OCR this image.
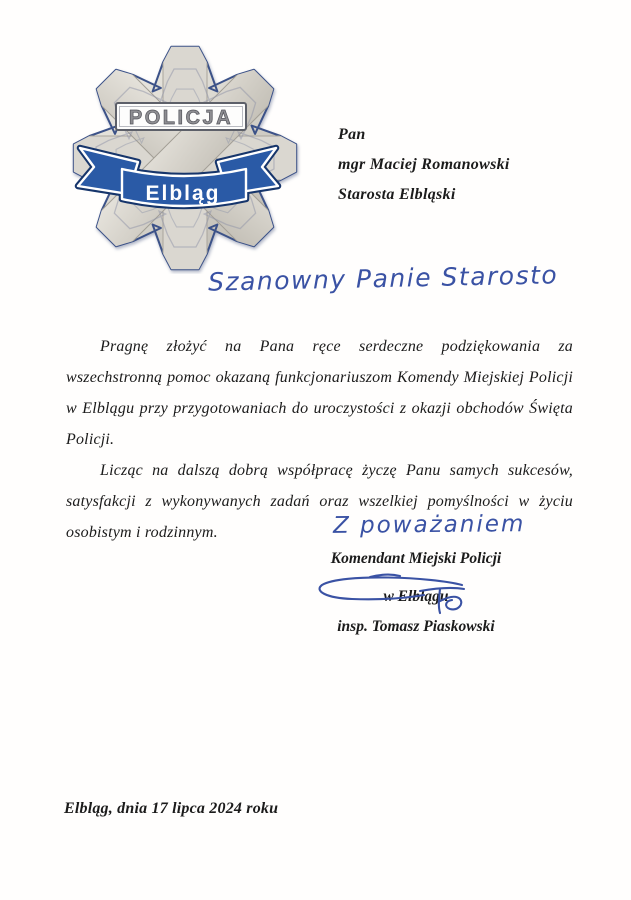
POLICJA
Elbląg
Pan
mgr Maciej Romanowski
Starosta Elbląski
Szanowny Panie Starosto

Pragnę złożyć na Pana ręce serdeczne podziękowania za wszechstronną pomoc okazaną funkcjonariuszom Komendy Miejskiej Policji w Elblągu przy przygotowaniach do uroczystości z okazji obchodów Święta Policji.

Licząc na dalszą dobrą współpracę życzę Panu samych sukcesów, satysfakcji z wykonywanych zadań oraz wszelkiej pomyślności w życiu osobistym i rodzinnym.	Z poważaniem
Komendant Miejski Policji
w Elblągu
insp. Tomasz Piaskowski
Elbląg, dnia 17 lipca 2024 roku
